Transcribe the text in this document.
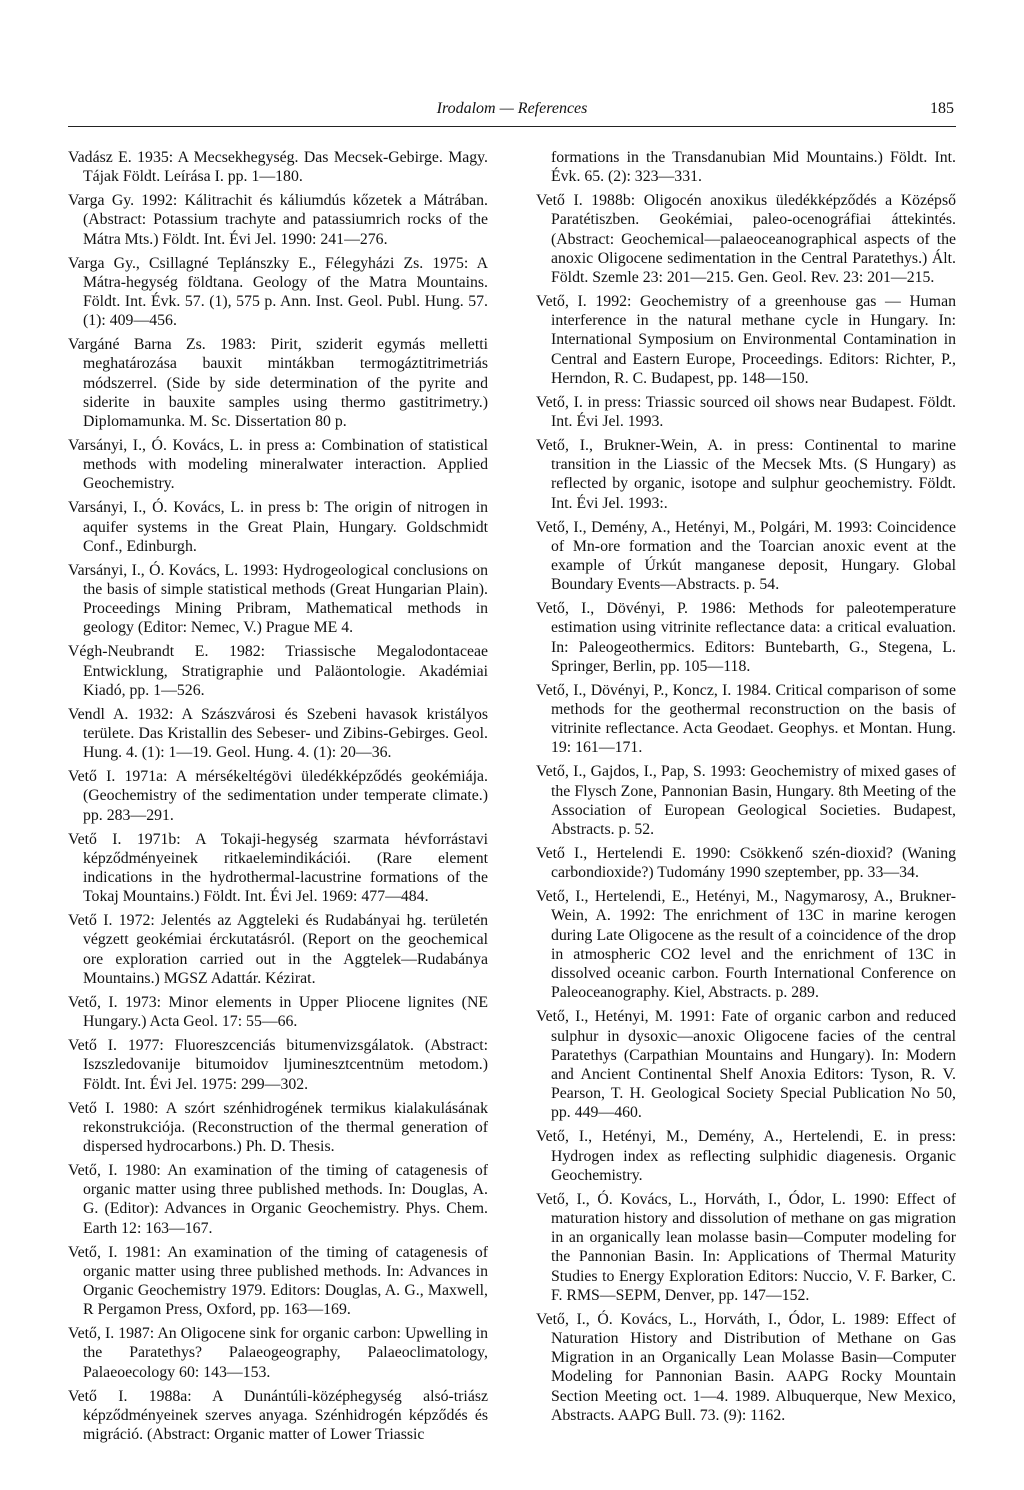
Irodalom — References	185

Vadász E. 1935: A Mecsekhegység. Das Mecsek-Gebirge. Magy. Tájak Földt. Leírása I. pp. 1—180.

Varga Gy. 1992: Kálitrachit és káliumdús kőzetek a Mátrában. (Abstract: Potassium trachyte and patassiumrich rocks of the Mátra Mts.) Földt. Int. Évi Jel. 1990: 241—276.

Varga Gy., Csillagné Teplánszky E., Félegyházi Zs. 1975: A Mátra-hegység földtana. Geology of the Matra Mountains. Földt. Int. Évk. 57. (1), 575 p. Ann. Inst. Geol. Publ. Hung. 57. (1): 409—456.

Vargáné Barna Zs. 1983: Pirit, sziderit egymás melletti meghatározása bauxit mintákban termogáztitrimetriás módszerrel. (Side by side determination of the pyrite and siderite in bauxite samples using thermo gastitrimetry.) Diplomamunka. M. Sc. Dissertation 80 p.

Varsányi, I., Ó. Kovács, L. in press a: Combination of statistical methods with modeling mineralwater interaction. Applied Geochemistry.

Varsányi, I., Ó. Kovács, L. in press b: The origin of nitrogen in aquifer systems in the Great Plain, Hungary. Goldschmidt Conf., Edinburgh.

Varsányi, I., Ó. Kovács, L. 1993: Hydrogeological conclusions on the basis of simple statistical methods (Great Hungarian Plain). Proceedings Mining Pribram, Mathematical methods in geology (Editor: Nemec, V.) Prague ME 4.

Végh-Neubrandt E. 1982: Triassische Megalodontaceae Entwicklung, Stratigraphie und Paläontologie. Akadémiai Kiadó, pp. 1—526.

Vendl A. 1932: A Szászvárosi és Szebeni havasok kristályos területe. Das Kristallin des Sebeser- und Zibins-Gebirges. Geol. Hung. 4. (1): 1—19. Geol. Hung. 4. (1): 20—36.

Vető I. 1971a: A mérsékeltégövi üledékképződés geokémiája. (Geochemistry of the sedimentation under temperate climate.) pp. 283—291.

Vető I. 1971b: A Tokaji-hegység szarmata hévforrástavi képződményeinek ritkaelemindikációi. (Rare element indications in the hydrothermal-lacustrine formations of the Tokaj Mountains.) Földt. Int. Évi Jel. 1969: 477—484.

Vető I. 1972: Jelentés az Aggteleki és Rudabányai hg. területén végzett geokémiai érckutatásról. (Report on the geochemical ore exploration carried out in the Aggtelek—Rudabánya Mountains.) MGSZ Adattár. Kézirat.

Vető, I. 1973: Minor elements in Upper Pliocene lignites (NE Hungary.) Acta Geol. 17: 55—66.

Vető I. 1977: Fluoreszcenciás bitumenvizsgálatok. (Abstract: Iszszledovanije bitumoidov ljuminesztcentnüm metodom.) Földt. Int. Évi Jel. 1975: 299—302.

Vető I. 1980: A szórt szénhidrogének termikus kialakulásának rekonstrukciója. (Reconstruction of the thermal generation of dispersed hydrocarbons.) Ph. D. Thesis.

Vető, I. 1980: An examination of the timing of catagenesis of organic matter using three published methods. In: Douglas, A. G. (Editor): Advances in Organic Geochemistry. Phys. Chem. Earth 12: 163—167.

Vető, I. 1981: An examination of the timing of catagenesis of organic matter using three published methods. In: Advances in Organic Geochemistry 1979. Editors: Douglas, A. G., Maxwell, R Pergamon Press, Oxford, pp. 163—169.

Vető, I. 1987: An Oligocene sink for organic carbon: Upwelling in the Paratethys? Palaeogeography, Palaeoclimatology, Palaeoecology 60: 143—153.

Vető I. 1988a: A Dunántúli-középhegység alsó-triász képződményeinek szerves anyaga. Szénhidrogén képződés és migráció. (Abstract: Organic matter of Lower Triassic

formations in the Transdanubian Mid Mountains.) Földt. Int. Évk. 65. (2): 323—331.

Vető I. 1988b: Oligocén anoxikus üledékképződés a Középső Paratétiszben. Geokémiai, paleo-ocenográfiai áttekintés. (Abstract: Geochemical—palaeoceanographical aspects of the anoxic Oligocene sedimentation in the Central Paratethys.) Ált. Földt. Szemle 23: 201—215. Gen. Geol. Rev. 23: 201—215.

Vető, I. 1992: Geochemistry of a greenhouse gas — Human interference in the natural methane cycle in Hungary. In: International Symposium on Environmental Contamination in Central and Eastern Europe, Proceedings. Editors: Richter, P., Herndon, R. C. Budapest, pp. 148—150.

Vető, I. in press: Triassic sourced oil shows near Budapest. Földt. Int. Évi Jel. 1993.

Vető, I., Brukner-Wein, A. in press: Continental to marine transition in the Liassic of the Mecsek Mts. (S Hungary) as reflected by organic, isotope and sulphur geochemistry. Földt. Int. Évi Jel. 1993:.

Vető, I., Demény, A., Hetényi, M., Polgári, M. 1993: Coincidence of Mn-ore formation and the Toarcian anoxic event at the example of Úrkút manganese deposit, Hungary. Global Boundary Events—Abstracts. p. 54.

Vető, I., Dövényi, P. 1986: Methods for paleotemperature estimation using vitrinite reflectance data: a critical evaluation. In: Paleogeothermics. Editors: Buntebarth, G., Stegena, L. Springer, Berlin, pp. 105—118.

Vető, I., Dövényi, P., Koncz, I. 1984. Critical comparison of some methods for the geothermal reconstruction on the basis of vitrinite reflectance. Acta Geodaet. Geophys. et Montan. Hung. 19: 161—171.

Vető, I., Gajdos, I., Pap, S. 1993: Geochemistry of mixed gases of the Flysch Zone, Pannonian Basin, Hungary. 8th Meeting of the Association of European Geological Societies. Budapest, Abstracts. p. 52.

Vető I., Hertelendi E. 1990: Csökkenő szén-dioxid? (Waning carbondioxide?) Tudomány 1990 szeptember, pp. 33—34.

Vető, I., Hertelendi, E., Hetényi, M., Nagymarosy, A., Brukner-Wein, A. 1992: The enrichment of 13C in marine kerogen during Late Oligocene as the result of a coincidence of the drop in atmospheric CO2 level and the enrichment of 13C in dissolved oceanic carbon. Fourth International Conference on Paleoceanography. Kiel, Abstracts. p. 289.

Vető, I., Hetényi, M. 1991: Fate of organic carbon and reduced sulphur in dysoxic—anoxic Oligocene facies of the central Paratethys (Carpathian Mountains and Hungary). In: Modern and Ancient Continental Shelf Anoxia Editors: Tyson, R. V. Pearson, T. H. Geological Society Special Publication No 50, pp. 449—460.

Vető, I., Hetényi, M., Demény, A., Hertelendi, E. in press: Hydrogen index as reflecting sulphidic diagenesis. Organic Geochemistry.

Vető, I., Ó. Kovács, L., Horváth, I., Ódor, L. 1990: Effect of maturation history and dissolution of methane on gas migration in an organically lean molasse basin—Computer modeling for the Pannonian Basin. In: Applications of Thermal Maturity Studies to Energy Exploration Editors: Nuccio, V. F. Barker, C. F. RMS—SEPM, Denver, pp. 147—152.

Vető, I., Ó. Kovács, L., Horváth, I., Ódor, L. 1989: Effect of Naturation History and Distribution of Methane on Gas Migration in an Organically Lean Molasse Basin—Computer Modeling for Pannonian Basin. AAPG Rocky Mountain Section Meeting oct. 1—4. 1989. Albuquerque, New Mexico, Abstracts. AAPG Bull. 73. (9): 1162.
